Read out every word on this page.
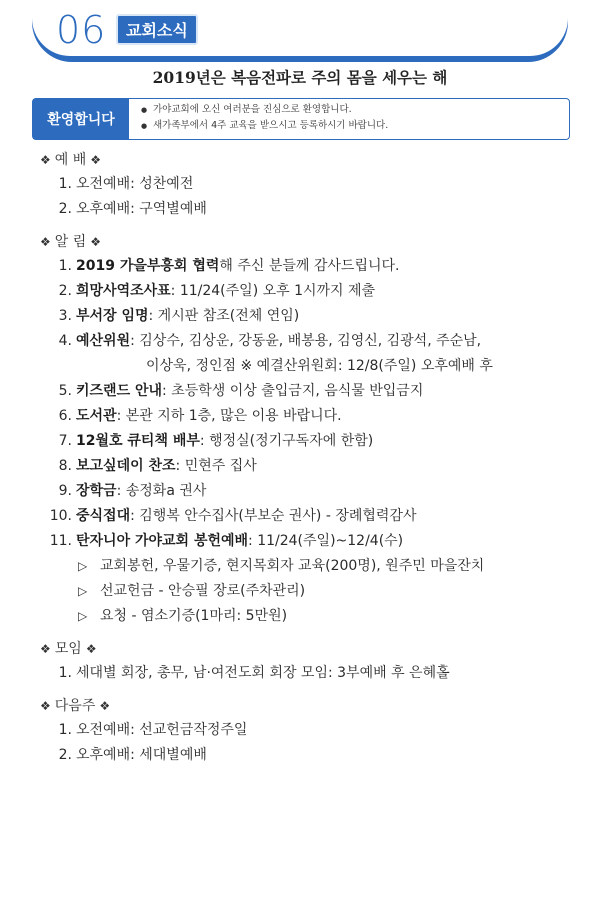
06	교회소식
2019년은 복음전파로 주의 몸을 세우는 해
환영합니다
● 가야교회에 오신 여러분을 진심으로 환영합니다.
● 새가족부에서 4주 교육을 받으시고 등록하시기 바랍니다.
❖ 예 배 ❖
1. 오전예배: 성찬예전
2. 오후예배: 구역별예배
❖ 알 림 ❖
1. 2019 가을부흥회 협력해 주신 분들께 감사드립니다.
2. 희망사역조사표: 11/24(주일) 오후 1시까지 제출
3. 부서장 임명: 게시판 참조(전체 연임)
4. 예산위원: 김상수, 김상운, 강동윤, 배봉용, 김영신, 김광석, 주순남,
이상욱, 정인점 ※ 예결산위원회: 12/8(주일) 오후예배 후
5. 키즈랜드 안내: 초등학생 이상 출입금지, 음식물 반입금지
6. 도서관: 본관 지하 1층, 많은 이용 바랍니다.
7. 12월호 큐티책 배부: 행정실(정기구독자에 한함)
8. 보고싶데이 찬조: 민현주 집사
9. 장학금: 송정화a 권사
10. 중식접대: 김행복 안수집사(부보순 권사) - 장례협력감사
11. 탄자니아 가야교회 봉헌예배: 11/24(주일)~12/4(수)
▷ 교회봉헌, 우물기증, 현지목회자 교육(200명), 원주민 마을잔치
▷ 선교헌금 - 안승필 장로(주차관리)
▷ 요청 - 염소기증(1마리: 5만원)
❖ 모임 ❖
1. 세대별 회장, 총무, 남·여전도회 회장 모임: 3부예배 후 은혜홀
❖ 다음주 ❖
1. 오전예배: 선교헌금작정주일
2. 오후예배: 세대별예배
